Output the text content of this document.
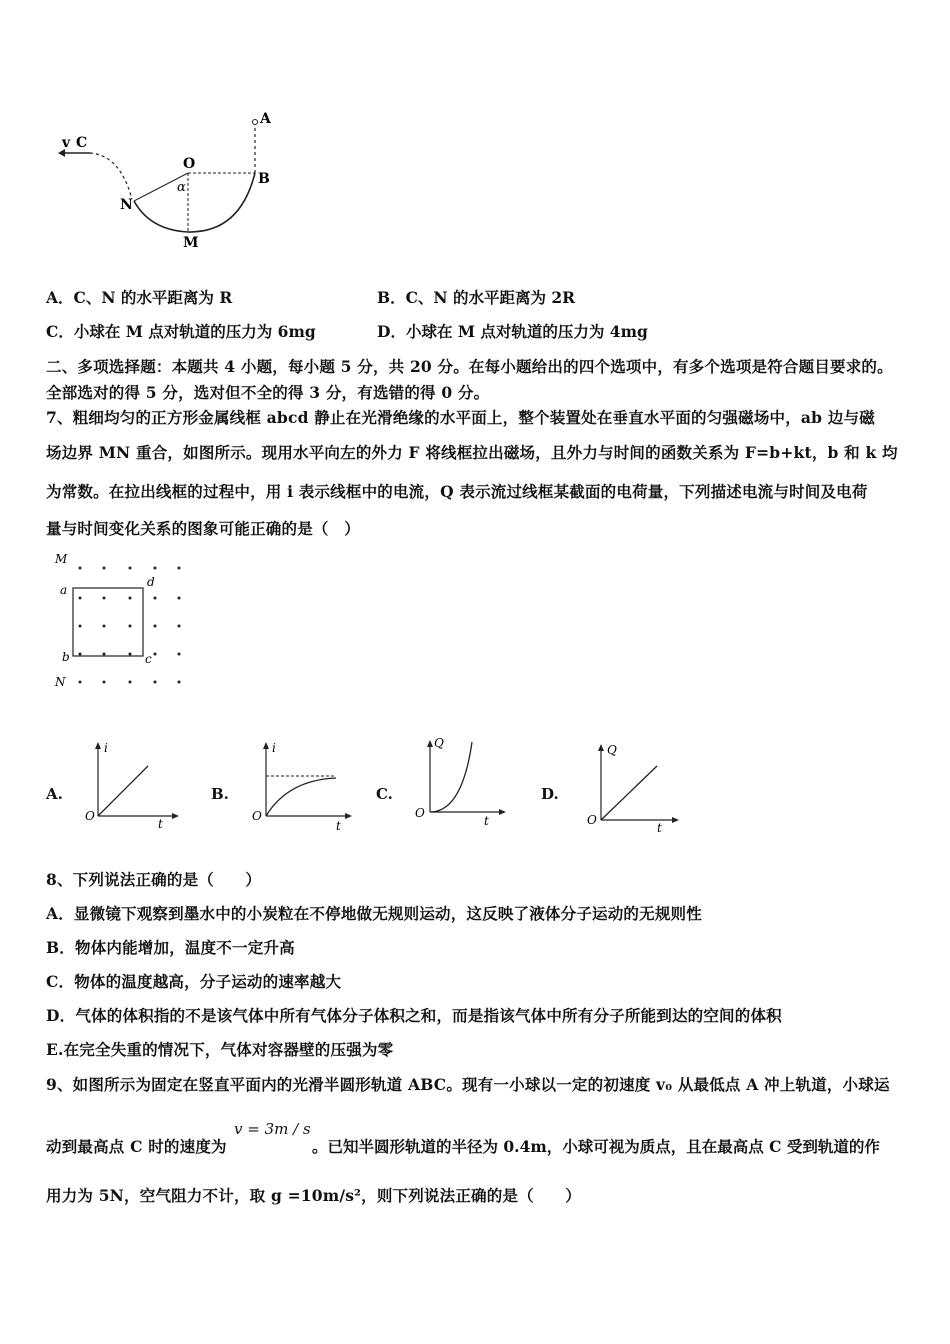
v C
A
O
B
N
M
α
A．C、N 的水平距离为 R	B．C、N 的水平距离为 2R
C．小球在 M 点对轨道的压力为 6mg	D．小球在 M 点对轨道的压力为 4mg
二、多项选择题：本题共 4 小题，每小题 5 分，共 20 分。在每小题给出的四个选项中，有多个选项是符合题目要求的。
全部选对的得 5 分，选对但不全的得 3 分，有选错的得 0 分。
7、粗细均匀的正方形金属线框 abcd 静止在光滑绝缘的水平面上，整个装置处在垂直水平面的匀强磁场中，ab 边与磁
场边界 MN 重合，如图所示。现用水平向左的外力 F 将线框拉出磁场，且外力与时间的函数关系为 F=b+kt，b 和 k 均
为常数。在拉出线框的过程中，用 i 表示线框中的电流，Q 表示流过线框某截面的电荷量，下列描述电流与时间及电荷
量与时间变化关系的图象可能正确的是（　）
M
a
d
b	c
N
A.
i
t
O
B.
i
t
O
C.
Q
t
O
D.
Q
t
O
8、下列说法正确的是（　　）
A．显微镜下观察到墨水中的小炭粒在不停地做无规则运动，这反映了液体分子运动的无规则性
B．物体内能增加，温度不一定升高
C．物体的温度越高，分子运动的速率越大
D．气体的体积指的不是该气体中所有气体分子体积之和，而是指该气体中所有分子所能到达的空间的体积
E.在完全失重的情况下，气体对容器壁的压强为零
9、如图所示为固定在竖直平面内的光滑半圆形轨道 ABC。现有一小球以一定的初速度 v₀ 从最低点 A 冲上轨道，小球运
动到最高点 C 时的速度为
v = 3m / s
。已知半圆形轨道的半径为 0.4m，小球可视为质点，且在最高点 C 受到轨道的作
用力为 5N，空气阻力不计，取 g =10m/s²，则下列说法正确的是（　　）
